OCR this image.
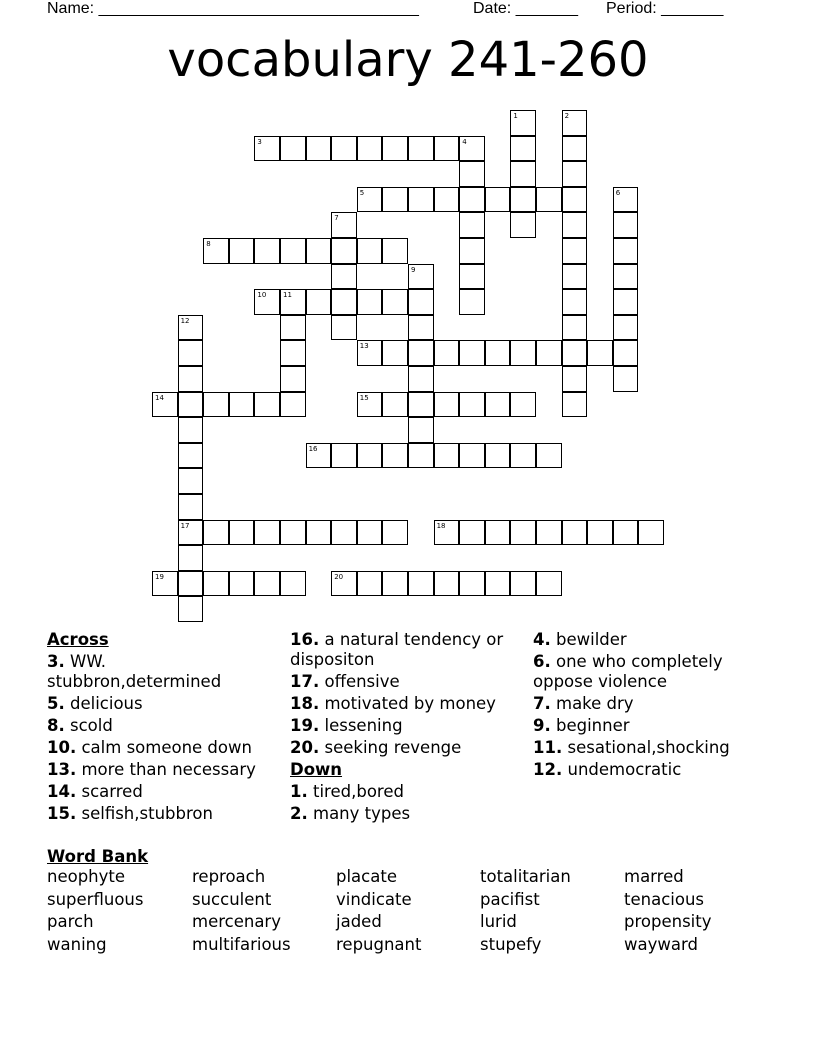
Name: ____________________________________	Date: _______ Period: _______
vocabulary 241-260
1	2
3	4
5	6
7
8
9
10 11
12
17
13
14	15
16
18
19	20
Across
3. WW. stubbron,determined
5. delicious
8. scold
10. calm someone down
13. more than necessary
14. scarred
15. selfish,stubbron
16. a natural tendency or dispositon
17. offensive
18. motivated by money
19. lessening
20. seeking revenge
Down
1. tired,bored
2. many types
4. bewilder
6. one who completely oppose violence
7. make dry
9. beginner
11. sesational,shocking
12. undemocratic
Word Bank
neophyte	reproach	placate	totalitarian	marred
superfluous	succulent	vindicate	pacifist	tenacious
parch	mercenary	jaded	lurid	propensity
waning	multifarious	repugnant	stupefy	wayward
